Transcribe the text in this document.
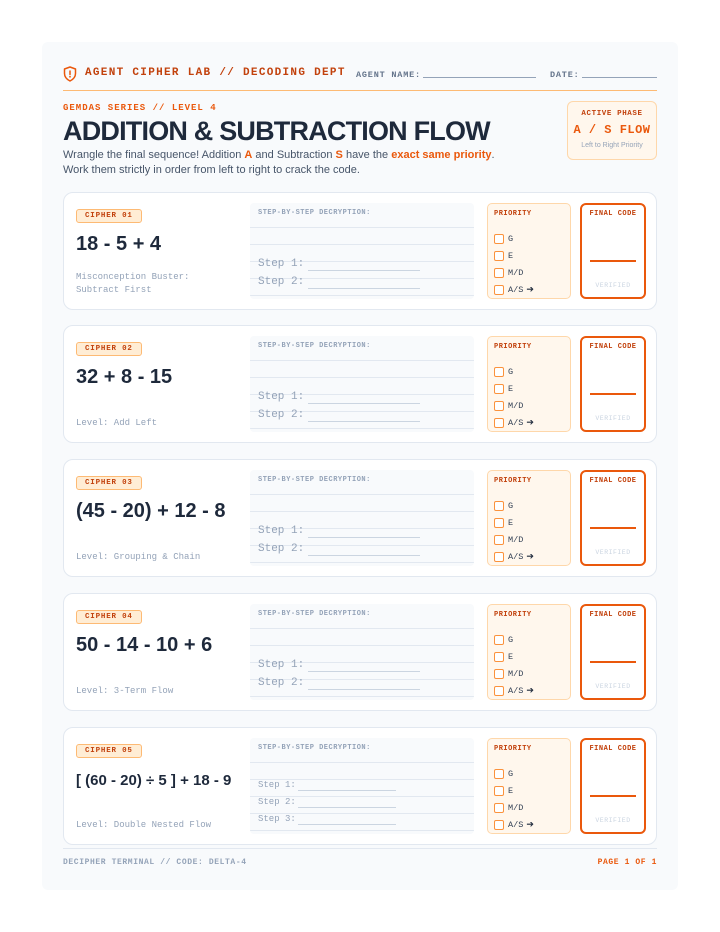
AGENT CIPHER LAB // DECODING DEPT AGENT NAME:	DATE:
GEMDAS SERIES // LEVEL 4
ADDITION & SUBTRACTION FLOW
Wrangle the final sequence! Addition A and Subtraction S have the exact same priority.
Work them strictly in order from left to right to crack the code.
ACTIVE PHASE
A / S FLOW
Left to Right Priority
CIPHER 01
18 - 5 + 4
Misconception Buster:
Subtract First
STEP-BY-STEP DECRYPTION:
Step 1:
Step 2:
PRIORITY
G
E
M/D
A/S ➔
FINAL CODE
VERIFIED
CIPHER 02
32 + 8 - 15
Level: Add Left
STEP-BY-STEP DECRYPTION:
Step 1:
Step 2:
PRIORITY
G
E
M/D
A/S ➔
FINAL CODE
VERIFIED
CIPHER 03
(45 - 20) + 12 - 8
Level: Grouping & Chain
STEP-BY-STEP DECRYPTION:
Step 1:
Step 2:
PRIORITY
G
E
M/D
A/S ➔
FINAL CODE
VERIFIED
CIPHER 04
50 - 14 - 10 + 6
Level: 3-Term Flow
STEP-BY-STEP DECRYPTION:
Step 1:
Step 2:
PRIORITY
G
E
M/D
A/S ➔
FINAL CODE
VERIFIED
CIPHER 05
[ (60 - 20) ÷ 5 ] + 18 - 9
Level: Double Nested Flow
STEP-BY-STEP DECRYPTION:
Step 1:
Step 2:
Step 3:
PRIORITY
G
E
M/D
A/S ➔
FINAL CODE
VERIFIED
DECIPHER TERMINAL // CODE: DELTA-4	PAGE 1 OF 1
